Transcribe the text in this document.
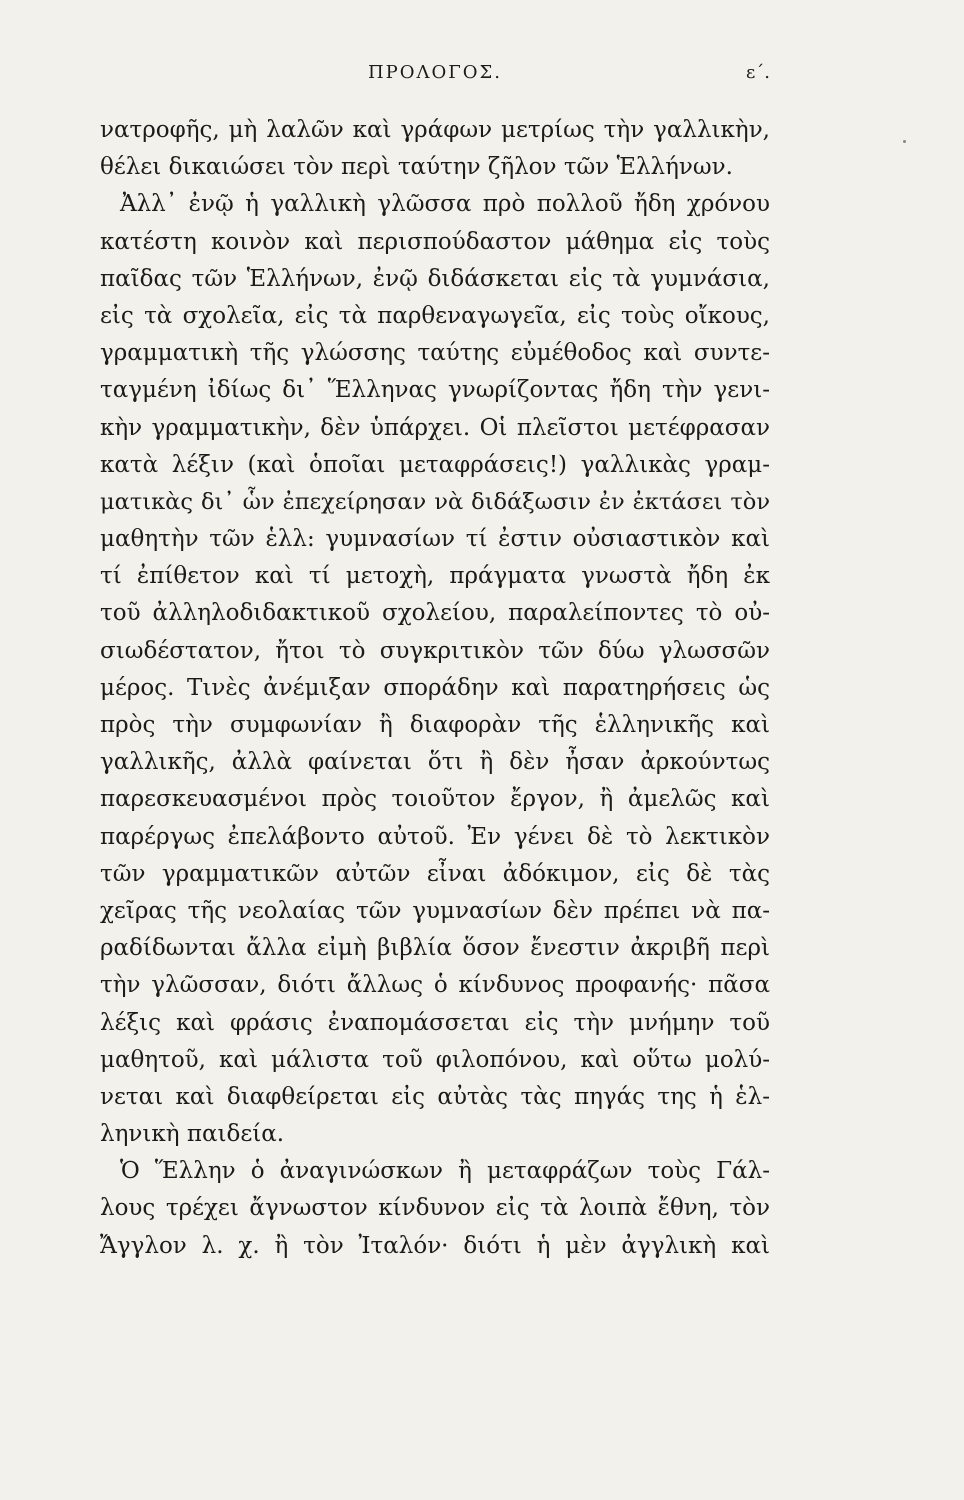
ΠΡΟΛΟΓΟΣ.	ε΄.
νατροφῆς, μὴ λαλῶν καὶ γράφων μετρίως τὴν γαλλικὴν,
θέλει δικαιώσει τὸν περὶ ταύτην ζῆλον τῶν Ἑλλήνων.
Ἀλλ᾽ ἐνῷ ἡ γαλλικὴ γλῶσσα πρὸ πολλοῦ ἤδη χρόνου
κατέστη κοινὸν καὶ περισπούδαστον μάθημα εἰς τοὺς
παῖδας τῶν Ἑλλήνων, ἐνῷ διδάσκεται εἰς τὰ γυμνάσια,
εἰς τὰ σχολεῖα, εἰς τὰ παρθεναγωγεῖα, εἰς τοὺς οἴκους,
γραμματικὴ τῆς γλώσσης ταύτης εὐμέθοδος καὶ συντε-
ταγμένη ἰδίως δι᾽ Ἕλληνας γνωρίζοντας ἤδη τὴν γενι-
κὴν γραμματικὴν, δὲν ὑπάρχει. Οἱ πλεῖστοι μετέφρασαν
κατὰ λέξιν (καὶ ὁποῖαι μεταφράσεις!) γαλλικὰς γραμ-
ματικὰς δι᾽ ὧν ἐπεχείρησαν νὰ διδάξωσιν ἐν ἐκτάσει τὸν
μαθητὴν τῶν ἑλλ: γυμνασίων τί ἐστιν οὐσιαστικὸν καὶ
τί ἐπίθετον καὶ τί μετοχὴ, πράγματα γνωστὰ ἤδη ἐκ
τοῦ ἀλληλοδιδακτικοῦ σχολείου, παραλείποντες τὸ οὐ-
σιωδέστατον, ἤτοι τὸ συγκριτικὸν τῶν δύω γλωσσῶν
μέρος. Τινὲς ἀνέμιξαν σποράδην καὶ παρατηρήσεις ὡς
πρὸς τὴν συμφωνίαν ἢ διαφορὰν τῆς ἑλληνικῆς καὶ
γαλλικῆς, ἀλλὰ φαίνεται ὅτι ἢ δὲν ἦσαν ἀρκούντως
παρεσκευασμένοι πρὸς τοιοῦτον ἔργον, ἢ ἀμελῶς καὶ
παρέργως ἐπελάβοντο αὐτοῦ. Ἐν γένει δὲ τὸ λεκτικὸν
τῶν γραμματικῶν αὐτῶν εἶναι ἀδόκιμον, εἰς δὲ τὰς
χεῖρας τῆς νεολαίας τῶν γυμνασίων δὲν πρέπει νὰ πα-
ραδίδωνται ἄλλα εἰμὴ βιβλία ὅσον ἔνεστιν ἀκριβῆ περὶ
τὴν γλῶσσαν, διότι ἄλλως ὁ κίνδυνος προφανής· πᾶσα
λέξις καὶ φράσις ἐναπομάσσεται εἰς τὴν μνήμην τοῦ
μαθητοῦ, καὶ μάλιστα τοῦ φιλοπόνου, καὶ οὕτω μολύ-
νεται καὶ διαφθείρεται εἰς αὐτὰς τὰς πηγάς της ἡ ἑλ-
ληνικὴ παιδεία.
Ὁ Ἕλλην ὁ ἀναγινώσκων ἢ μεταφράζων τοὺς Γάλ-
λους τρέχει ἄγνωστον κίνδυνον εἰς τὰ λοιπὰ ἔθνη, τὸν
Ἄγγλον λ. χ. ἢ τὸν Ἰταλόν· διότι ἡ μὲν ἀγγλικὴ καὶ
